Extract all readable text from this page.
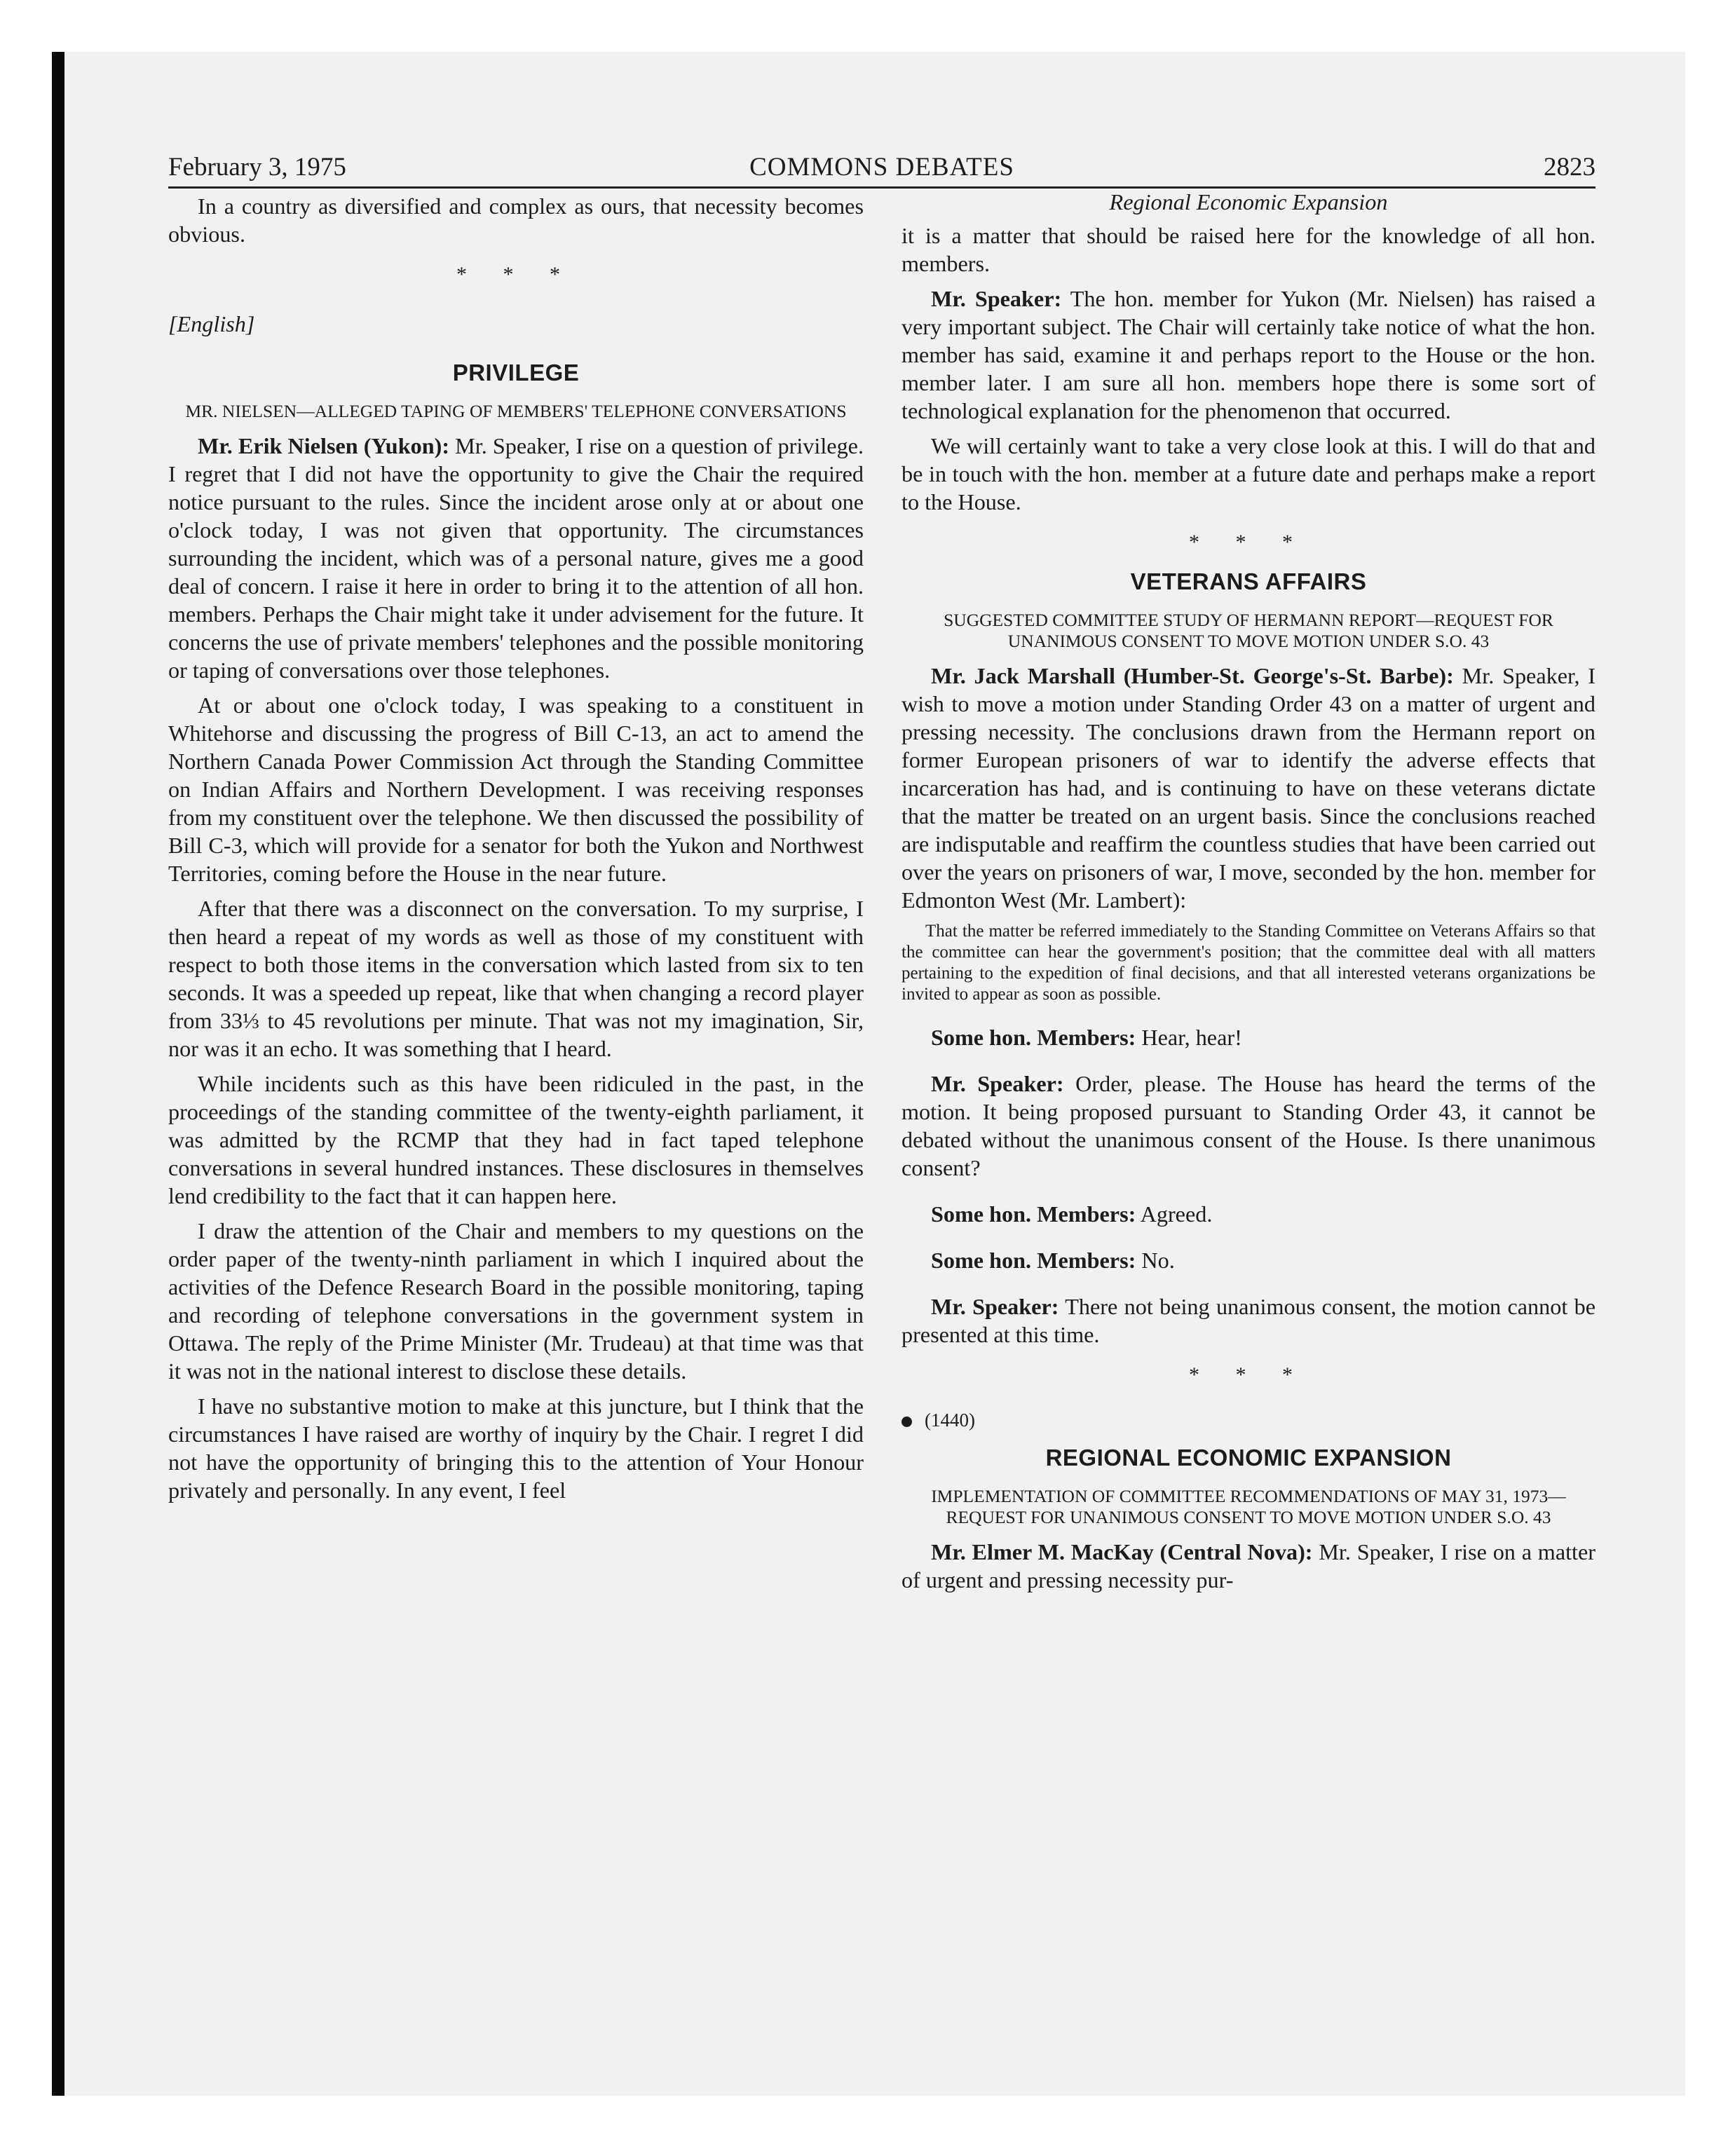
COMMONS DEBATES
February 3, 1975	2823

In a country as diversified and complex as ours, that necessity becomes obvious.

* * *
[English]
PRIVILEGE
MR. NIELSEN—ALLEGED TAPING OF MEMBERS' TELEPHONE CONVERSATIONS

Mr. Erik Nielsen (Yukon): Mr. Speaker, I rise on a question of privilege. I regret that I did not have the opportunity to give the Chair the required notice pursuant to the rules. Since the incident arose only at or about one o'clock today, I was not given that opportunity. The circumstances surrounding the incident, which was of a personal nature, gives me a good deal of concern. I raise it here in order to bring it to the attention of all hon. members. Perhaps the Chair might take it under advisement for the future. It concerns the use of private members' telephones and the possible monitoring or taping of conversations over those telephones.

At or about one o'clock today, I was speaking to a constituent in Whitehorse and discussing the progress of Bill C-13, an act to amend the Northern Canada Power Commission Act through the Standing Committee on Indian Affairs and Northern Development. I was receiving responses from my constituent over the telephone. We then discussed the possibility of Bill C-3, which will provide for a senator for both the Yukon and Northwest Territories, coming before the House in the near future.

After that there was a disconnect on the conversation. To my surprise, I then heard a repeat of my words as well as those of my constituent with respect to both those items in the conversation which lasted from six to ten seconds. It was a speeded up repeat, like that when changing a record player from 33⅓ to 45 revolutions per minute. That was not my imagination, Sir, nor was it an echo. It was something that I heard.

While incidents such as this have been ridiculed in the past, in the proceedings of the standing committee of the twenty-eighth parliament, it was admitted by the RCMP that they had in fact taped telephone conversations in several hundred instances. These disclosures in themselves lend credibility to the fact that it can happen here.

I draw the attention of the Chair and members to my questions on the order paper of the twenty-ninth parliament in which I inquired about the activities of the Defence Research Board in the possible monitoring, taping and recording of telephone conversations in the government system in Ottawa. The reply of the Prime Minister (Mr. Trudeau) at that time was that it was not in the national interest to disclose these details.

I have no substantive motion to make at this juncture, but I think that the circumstances I have raised are worthy of inquiry by the Chair. I regret I did not have the opportunity of bringing this to the attention of Your Honour privately and personally. In any event, I feel

Regional Economic Expansion

it is a matter that should be raised here for the knowledge of all hon. members.

Mr. Speaker: The hon. member for Yukon (Mr. Nielsen) has raised a very important subject. The Chair will certainly take notice of what the hon. member has said, examine it and perhaps report to the House or the hon. member later. I am sure all hon. members hope there is some sort of technological explanation for the phenomenon that occurred.

We will certainly want to take a very close look at this. I will do that and be in touch with the hon. member at a future date and perhaps make a report to the House.

* * *
VETERANS AFFAIRS
SUGGESTED COMMITTEE STUDY OF HERMANN REPORT—REQUEST FOR UNANIMOUS CONSENT TO MOVE MOTION UNDER S.O. 43

Mr. Jack Marshall (Humber-St. George's-St. Barbe): Mr. Speaker, I wish to move a motion under Standing Order 43 on a matter of urgent and pressing necessity. The conclusions drawn from the Hermann report on former European prisoners of war to identify the adverse effects that incarceration has had, and is continuing to have on these veterans dictate that the matter be treated on an urgent basis. Since the conclusions reached are indisputable and reaffirm the countless studies that have been carried out over the years on prisoners of war, I move, seconded by the hon. member for Edmonton West (Mr. Lambert):

That the matter be referred immediately to the Standing Committee on Veterans Affairs so that the committee can hear the government's position; that the committee deal with all matters pertaining to the expedition of final decisions, and that all interested veterans organizations be invited to appear as soon as possible.

Some hon. Members: Hear, hear!

Mr. Speaker: Order, please. The House has heard the terms of the motion. It being proposed pursuant to Standing Order 43, it cannot be debated without the unanimous consent of the House. Is there unanimous consent?

Some hon. Members: Agreed.

Some hon. Members: No.

Mr. Speaker: There not being unanimous consent, the motion cannot be presented at this time.

* * *
(1440)
REGIONAL ECONOMIC EXPANSION
IMPLEMENTATION OF COMMITTEE RECOMMENDATIONS OF MAY 31, 1973—REQUEST FOR UNANIMOUS CONSENT TO MOVE MOTION UNDER S.O. 43

Mr. Elmer M. MacKay (Central Nova): Mr. Speaker, I rise on a matter of urgent and pressing necessity pur-
